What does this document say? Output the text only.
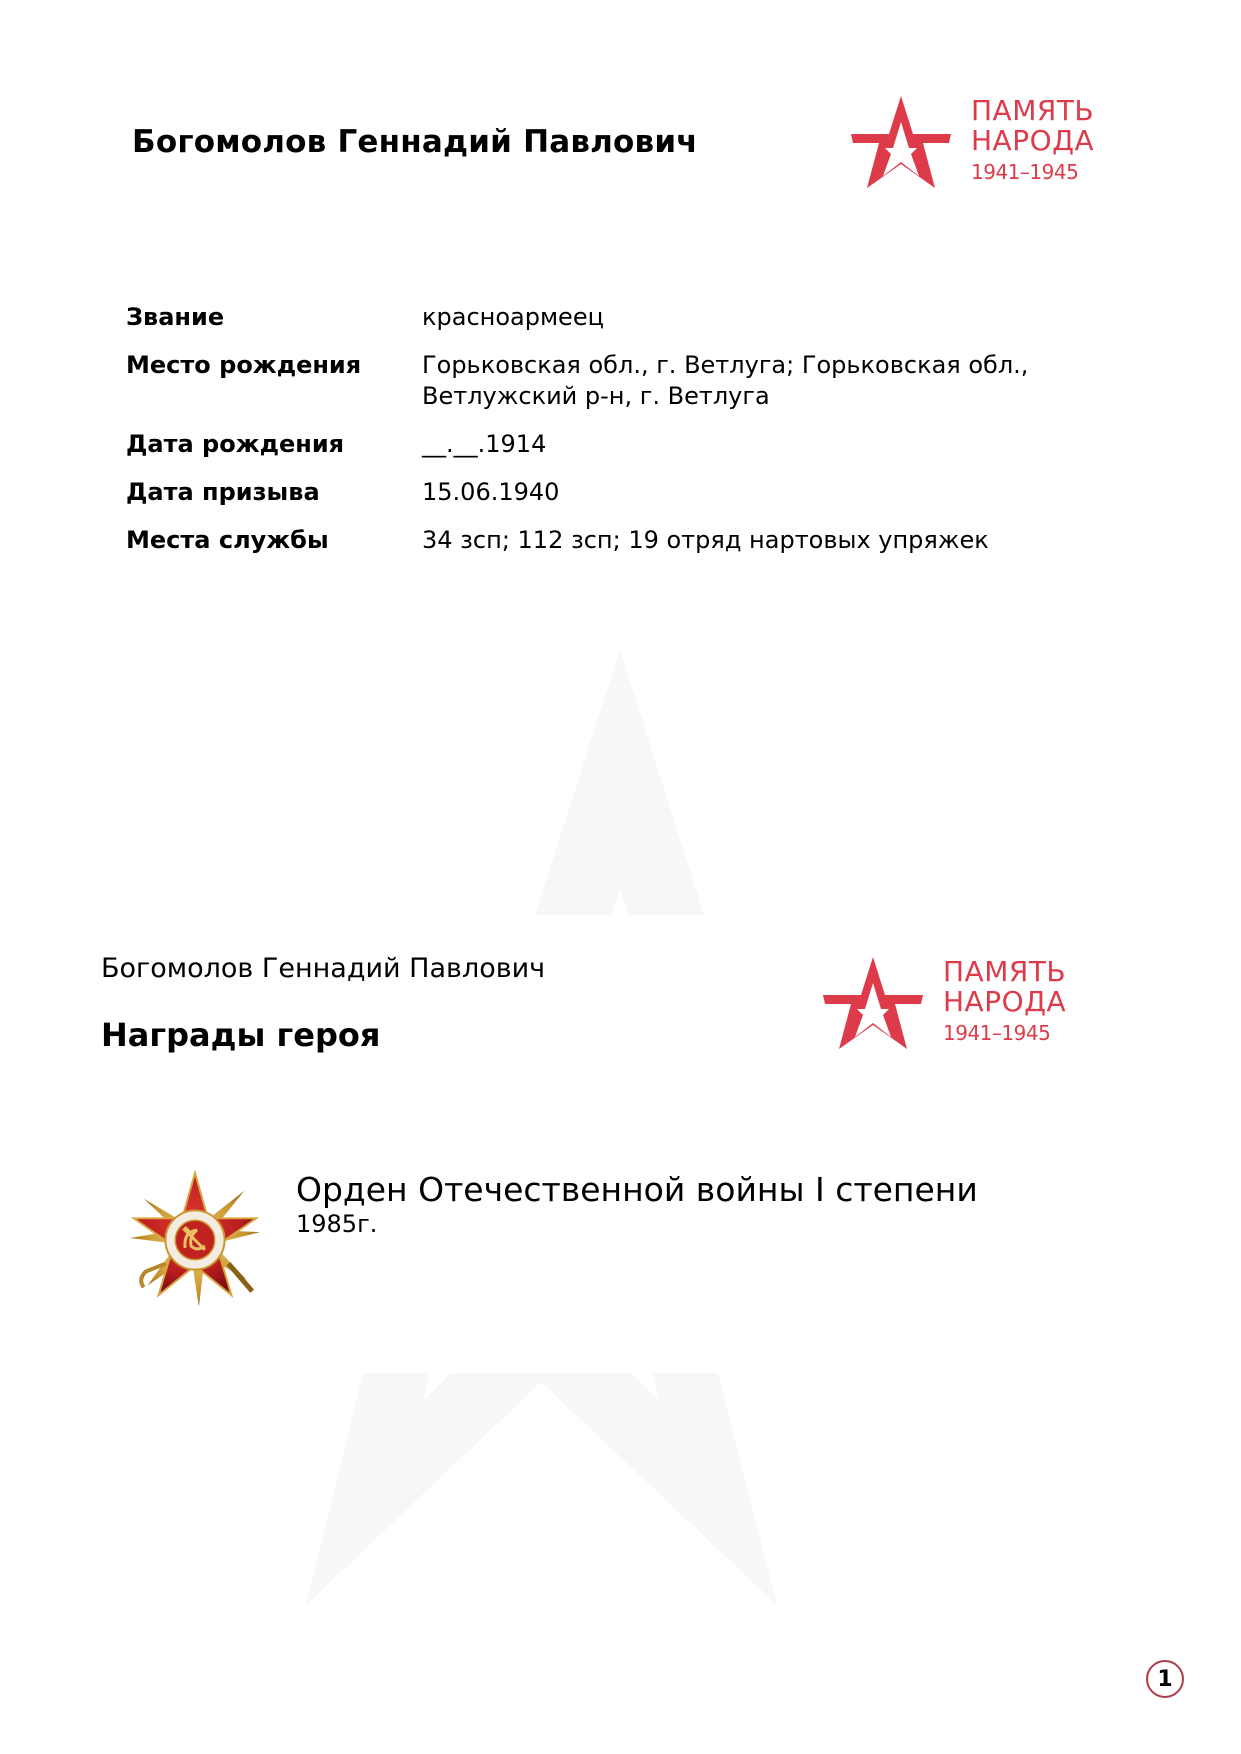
Богомолов Геннадий Павлович
ПАМЯТЬ
НАРОДА
1941–1945
Звание	красноармеец
Место рождения	Горьковская обл., г. Ветлуга; Горьковская обл., Ветлужский р-н, г. Ветлуга
Дата рождения	__.__.1914
Дата призыва	15.06.1940
Места службы	34 зсп; 112 зсп; 19 отряд нартовых упряжек
Богомолов Геннадий Павлович
Награды героя
ПАМЯТЬ
НАРОДА
1941–1945
Орден Отечественной войны I степени
1985г.
1
